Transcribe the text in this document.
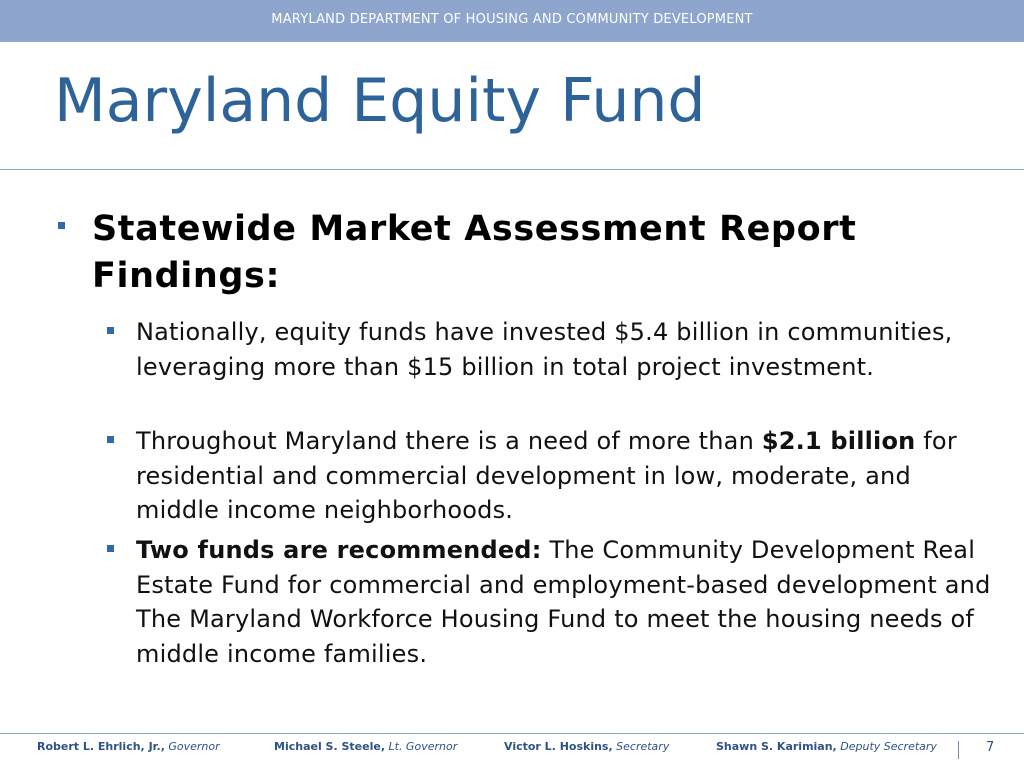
MARYLAND DEPARTMENT OF HOUSING AND COMMUNITY DEVELOPMENT
Maryland Equity Fund
Statewide Market Assessment Report Findings:
Nationally, equity funds have invested $5.4 billion in communities, leveraging more than $15 billion in total project investment.
Throughout Maryland there is a need of more than $2.1 billion for residential and commercial development in low, moderate, and middle income neighborhoods.
Two funds are recommended: The Community Development Real Estate Fund for commercial and employment-based development and The Maryland Workforce Housing Fund to meet the housing needs of middle income families.
Robert L. Ehrlich, Jr., Governor	Michael S. Steele, Lt. Governor	Victor L. Hoskins, Secretary	Shawn S. Karimian, Deputy Secretary	7
